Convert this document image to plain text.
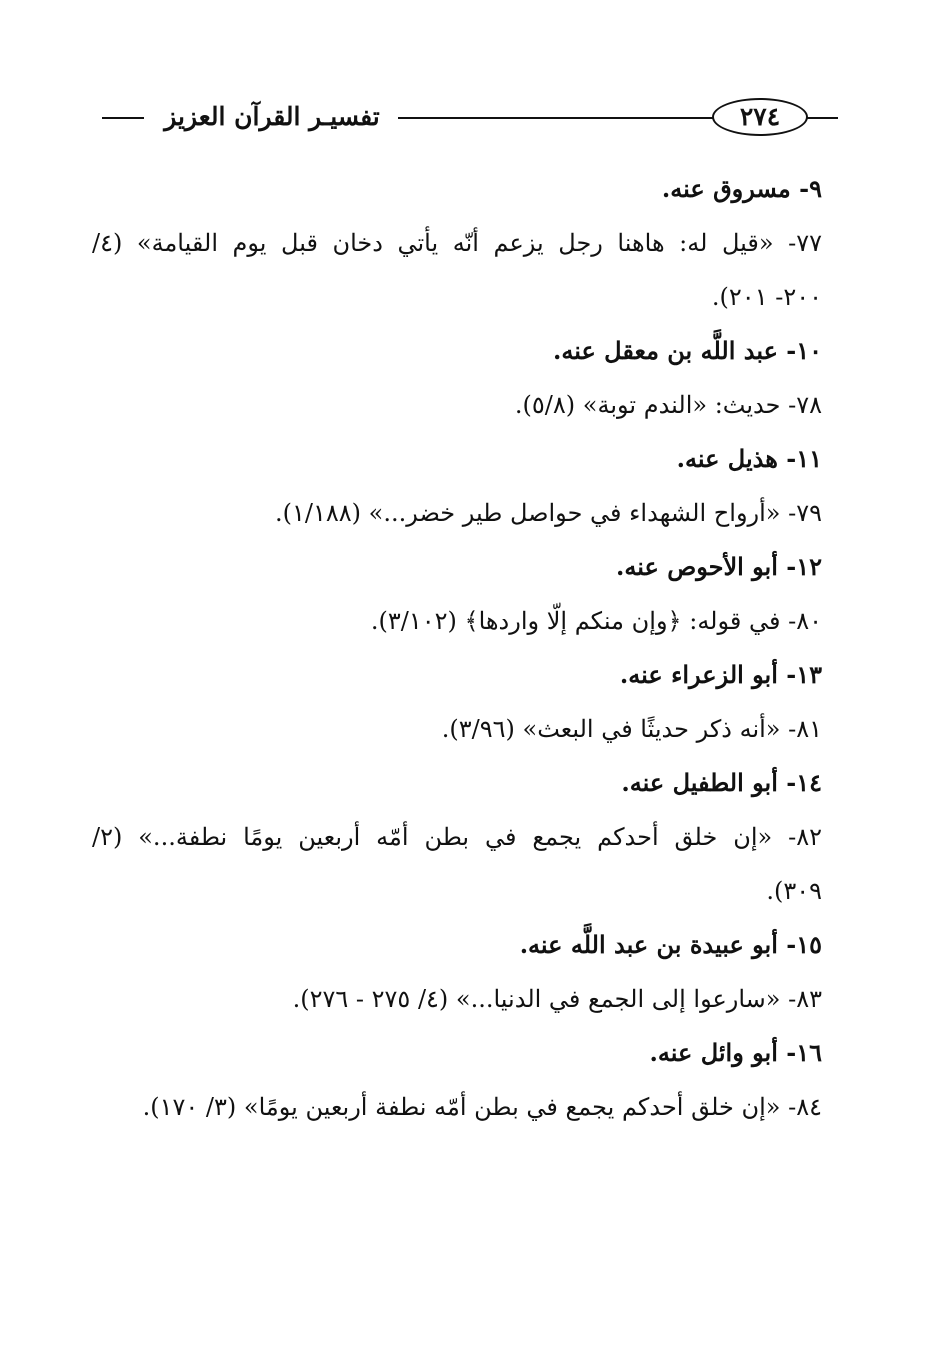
تفسيـر القرآن العزيز	٢٧٤
٩- مسروق عنه.
٧٧- «قيل له: هاهنا رجل يزعم أنّه يأتي دخان قبل يوم القيامة» (٤/
٢٠٠- ٢٠١).
١٠- عبد اللَّه بن معقل عنه.
٧٨- حديث: «الندم توبة» (٥/٨).
١١- هذيل عنه.
٧٩- «أرواح الشهداء في حواصل طير خضر...» (١/١٨٨).
١٢- أبو الأحوص عنه.
٨٠- في قوله: ﴿وإن منكم إلّا واردها﴾ (٣/١٠٢).
١٣- أبو الزعراء عنه.
٨١- «أنه ذكر حديثًا في البعث» (٣/٩٦).
١٤- أبو الطفيل عنه.
٨٢- «إن خلق أحدكم يجمع في بطن أمّه أربعين يومًا نطفة...» (٢/
٣٠٩).
١٥- أبو عبيدة بن عبد اللَّه عنه.
٨٣- «سارعوا إلى الجمع في الدنيا...» (٤/ ٢٧٥ - ٢٧٦).
١٦- أبو وائل عنه.
٨٤- «إن خلق أحدكم يجمع في بطن أمّه نطفة أربعين يومًا» (٣/ ١٧٠).
